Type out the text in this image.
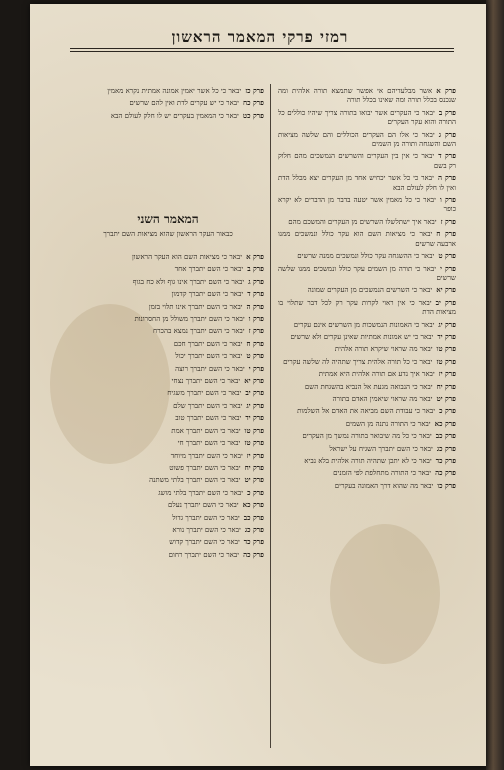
רמזי פרקי המאמר הראשון

פרק אאשר מבלעדיהם אי אפשר שתמצא תורה אלהית ומה שנכנס בכלל תורה ומה שאינו בכלל תורה

פרק ביבאר כי העקרים אשר יבואו בתורה צריך שיהיו כוללים כל התורה והוא עקר העקרים

פרק גיבאר כי אלו הם העקרים הכוללים והם שלשה מציאות השם והשגחה ותורה מן השמים

פרק דיבאר כי אין בין העקרים והשרשים הנמשכים מהם חלוק רק בשם

פרק היבאר כי כל אשר יכחיש אחד מן העקרים יצא מכלל הדת ואין לו חלק לעולם הבא

פרק ויבאר כי כל מאמין אשר יטעה בדבר מן הדברים לא יקרא כופר

פרק זיבאר איך ישתלשלו השרשים מן העקרים והמשכם מהם

פרק חיבאר כי מציאות השם הוא עקר כולל ונמשכים ממנו ארבעה שרשים

פרק טיבאר כי ההשגחה עקר כולל ונמשכים ממנה שרשים

פרק ייבאר כי תורה מן השמים עקר כולל ונמשכים ממנו שלשה שרשים

פרק יאיבאר כי השרשים הנמשכים מן העקרים שמונה

פרק יביבאר כי אין ראוי לקרות עקר רק לכל דבר שתלוי בו מציאות הדת

פרק יגיבאר כי האמונות הנמשכות מן השרשים אינם עקרים

פרק ידיבאר כי יש אמונות אמתיות שאינן עקרים ולא שרשים

פרק טויבאר מה שראוי שיקרא תורה אלהית

פרק טזיבאר כי כל תורה אלהית צריך שתהיה לה שלשה עקרים

פרק יזיבאר איך נדע אם תורה אלהית היא אמתית

פרק יחיבאר כי הנבואה מגעת אל הנביא בהשגחת השם

פרק יטיבאר מה שראוי שיאמין האדם בתורה

פרק כיבאר כי עבודת השם מביאה את האדם אל השלמות

פרק כאיבאר כי התורה נתנה מן השמים

פרק כביבאר כי כל מה שיבואר בתורה נמשך מן העקרים

פרק כגיבאר כי השם יתברך השגיח על ישראל

פרק כדיבאר כי לא יתכן שתהיה תורה אלהית בלא נביא

פרק כהיבאר כי התורה מתחלפת לפי הזמנים

פרק כויבאר מה שהוא דרך האמונה בעקרים

פרק כזיבאר כי כל אשר יאמין אמונה אמתית נקרא מאמין

פרק כחיבאר כי יש עקרים לדת ואין להם שרשים

פרק כטיבאר כי המאמין בעקרים יש לו חלק לעולם הבא

המאמר השני
כבאור העקר הראשון שהוא מציאות השם יתברך

פרק איבאר כי מציאות השם הוא העקר הראשון

פרק ביבאר כי השם יתברך אחד

פרק גיבאר כי השם יתברך אינו גוף ולא כח בגוף

פרק דיבאר כי השם יתברך קדמון

פרק היבאר כי השם יתברך אינו תלוי בזמן

פרק ויבאר כי השם יתברך משולל מן החסרונות

פרק זיבאר כי השם יתברך נמצא בהכרח

פרק חיבאר כי השם יתברך חכם

פרק טיבאר כי השם יתברך יכול

פרק ייבאר כי השם יתברך רוצה

פרק יאיבאר כי השם יתברך נצחי

פרק יביבאר כי השם יתברך משגיח

פרק יגיבאר כי השם יתברך שלם

פרק ידיבאר כי השם יתברך טוב

פרק טויבאר כי השם יתברך אמת

פרק טזיבאר כי השם יתברך חי

פרק יזיבאר כי השם יתברך מיוחד

פרק יחיבאר כי השם יתברך פשוט

פרק יטיבאר כי השם יתברך בלתי משתנה

פרק כיבאר כי השם יתברך בלתי מושג

פרק כאיבאר כי השם יתברך נעלם

פרק כביבאר כי השם יתברך גדול

פרק כגיבאר כי השם יתברך נורא

פרק כדיבאר כי השם יתברך קדוש

פרק כהיבאר כי השם יתברך רחום
